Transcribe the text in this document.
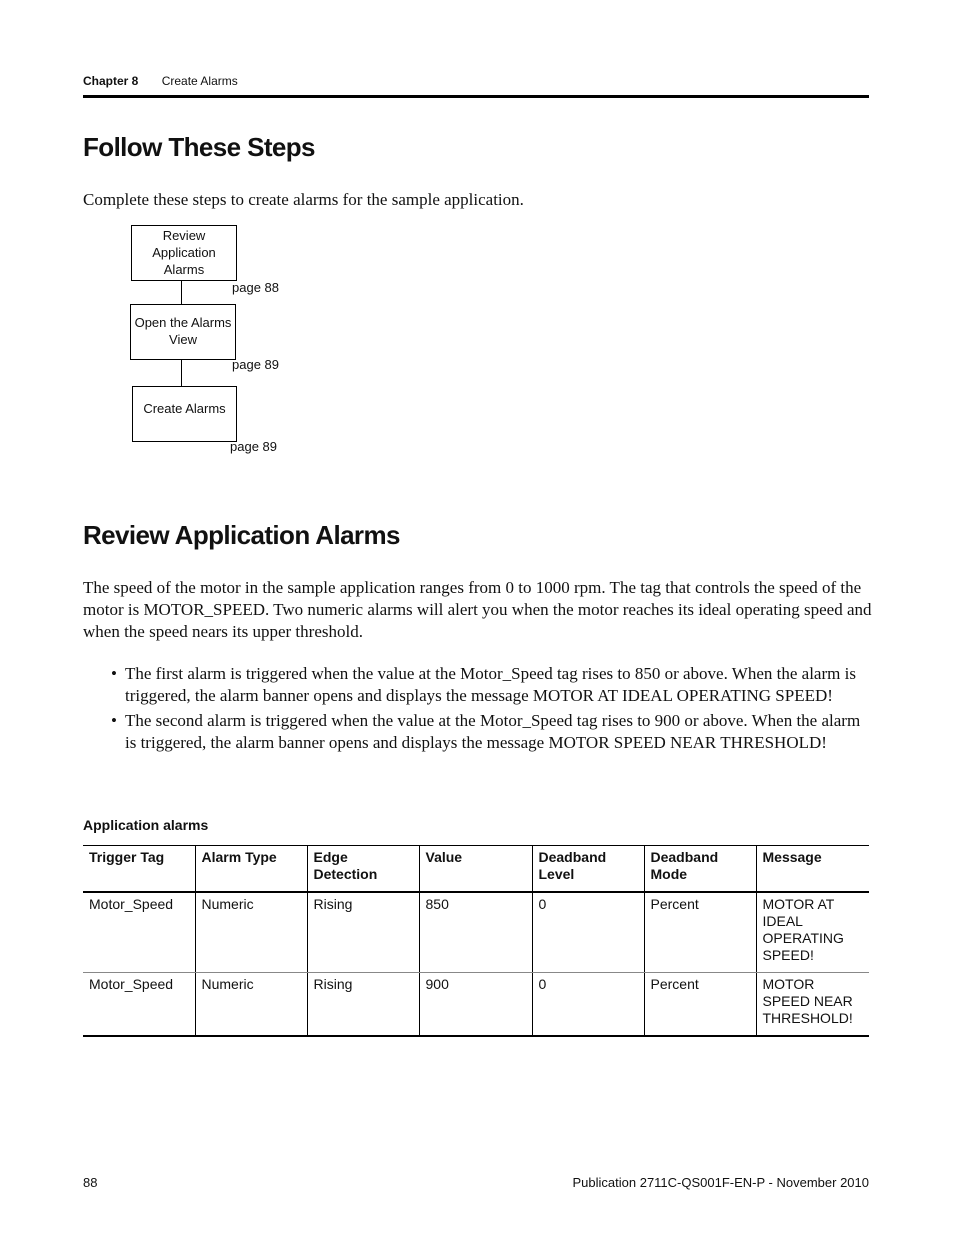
Chapter 8 Create Alarms
Follow These Steps

Complete these steps to create alarms for the sample application.

Review Application Alarms
page 88
Open the Alarms View
page 89
Create Alarms
page 89
Review Application Alarms

The speed of the motor in the sample application ranges from 0 to 1000 rpm. The tag that controls the speed of the motor is MOTOR_SPEED. Two numeric alarms will alert you when the motor reaches its ideal operating speed and when the speed nears its upper threshold.

• The first alarm is triggered when the value at the Motor_Speed tag rises to 850 or above. When the alarm is triggered, the alarm banner opens and displays the message MOTOR AT IDEAL OPERATING SPEED!
• The second alarm is triggered when the value at the Motor_Speed tag rises to 900 or above. When the alarm is triggered, the alarm banner opens and displays the message MOTOR SPEED NEAR THRESHOLD!
Application alarms
Trigger Tag	Alarm Type	Edge Detection	Value	Deadband Level	Deadband Mode	Message
Motor_Speed	Numeric	Rising	850	0	Percent	MOTOR AT IDEAL OPERATING SPEED!
Motor_Speed	Numeric	Rising	900	0	Percent	MOTOR SPEED NEAR THRESHOLD!
88	Publication 2711C-QS001F-EN-P - November 2010
